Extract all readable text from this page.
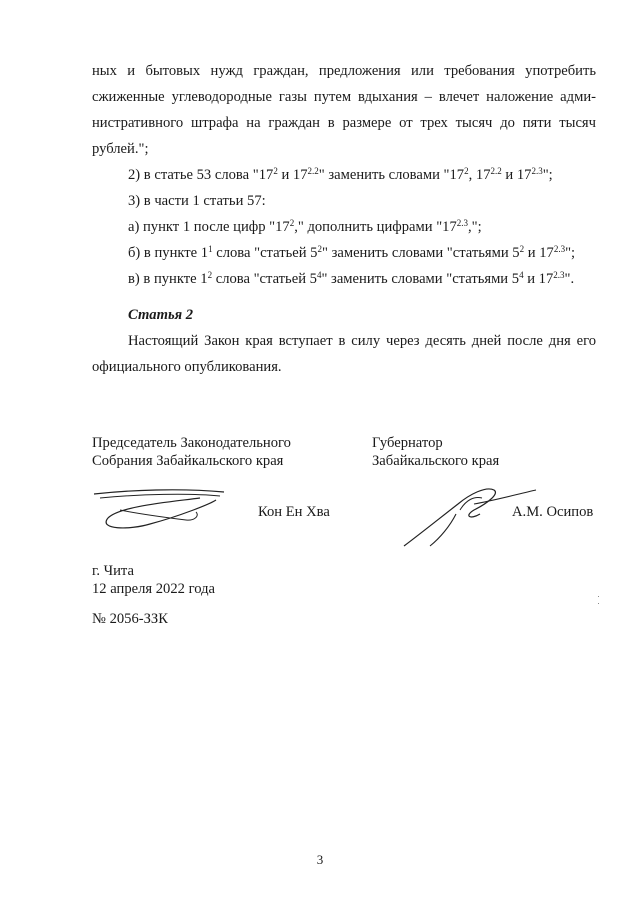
ных и бытовых нужд граждан, предложения или требования употребить
сжиженные углеводородные газы путем вдыхания – влечет наложение адми-
нистративного штрафа на граждан в размере от трех тысяч до пяти тысяч
рублей.";
2) в статье 53 слова "$17^2$ и $17^{2.2}$" заменить словами "$17^2$, $17^{2.2}$ и $17^{2.3}$";
3) в части 1 статьи 57:
а) пункт 1 после цифр "$17^2$," дополнить цифрами "$17^{2.3}$,";
б) в пункте $1^1$ слова "статьей $5^2$" заменить словами "статьями $5^2$ и $17^{2.3}$";
в) в пункте $1^2$ слова "статьей $5^4$" заменить словами "статьями $5^4$ и $17^{2.3}$".
Статья 2
Настоящий Закон края вступает в силу через десять дней после дня его
официального опубликования.
Председатель Законодательного
Собрания Забайкальского края
Губернатор
Забайкальского края
Кон Ен Хва	А.М. Осипов
г. Чита
12 апреля 2022 года
№ 2056-ЗЗК
3
